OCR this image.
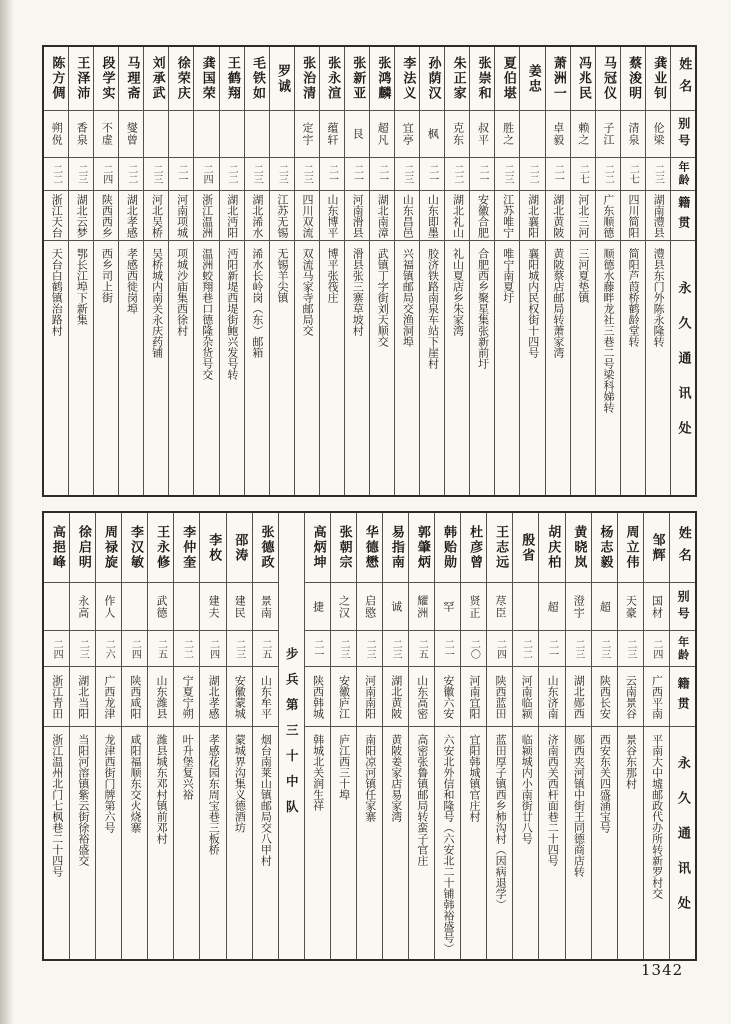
陈方倜
朔侻
二二
浙江天台
天台白鹤镇治路村
王泽沛
香泉
二三
湖北云梦
鄂长江埠下新集
段学实
不虚
二四
陕西西乡
西乡司上街
马理斋
燮曾
二二
湖北孝感
孝感西徙岗埠
刘承武
二三
河北吴桥
吴桥城内南关永庆药铺
徐荣庆
二一
河南项城
项城沙庙集西徐村
龚国荣
二四
浙江温洲
温洲蛟翔巷口德隆杂货号交
王鹤翔
二二
湖北沔阳
沔阳新堤西堤街鲍兴发号转
毛铁如
二三
湖北浠水
浠水长岭岗（东）邮箱
罗诚
二三
江苏无锡
无锡羊尖镇
张治清
定宇
二三
四川双流
双流马家寺邮局交
张永渲
蕴轩
二一
山东博平
博平张筏庄
张新亚
艮
二一
河南滑县
滑县张三寨草坡村
张鸿麟
超凡
二一
湖北南漳
武镇丁字街刘天顺交
李法义
宜亭
二三
山东昌邑
兴福镇邮局交渔洞埠
孙荫汉
枫
二一
山东即墨
胶济铁路南泉车站下崖村
朱正家
克东
二二
湖北礼山
礼山夏店乡朱家湾
张崇和
叔平
二一
安徽合肥
合肥西乡聚星集张新前圩
夏伯堪
胜之
二三
江苏唯宁
唯宁南夏圩
姜忠
二二
湖北襄阳
襄阳城内民权街十四号
萧洲一
卓毅
二一
湖北黄陂
黄陂蔡店邮局转萧家湾
冯兆民
赖之
二七
河北三河
三河夏垫镇
马冠仪
子江
二二
广东顺德
顺德水藤畔龙社三巷二号梁科娣转
蔡浚明
清泉
二七
四川简阳
简阳芦葭桥鹤龄堂转
龚业钊
伦梁
二三
湖南澧县
澧县东门外陈永隆转
姓名
别号
年龄
籍贯
永久通讯处
高挹峰
二四
浙江青田
浙江温州北门七枫巷二十四号
徐启明
永高
二三
湖北当阳
当阳河溶镇紫云街徐裕盛交
周禄旋
作人
二六
广西龙津
龙津西街门牌第六号
李汉敏
二四
陕西咸阳
咸阳福顺东交火烧寨
王永修
武德
二五
山东潍县
潍县城东邓村镇前邓村
李仲奎
二二
宁夏宁朔
叶升堡复兴裕
李枚
建夫
二四
湖北孝感
孝感花园东周宝巷三板桥
邵涛
建民
二三
安徽蒙城
蒙城界沟集义德酒坊
张德政
景南
二五
山东牟平
烟台南莱山镇邮局交八甲村 步兵第三十中队
高炳坤
捷
二一
陕西韩城
韩城北关润生祥
张朝宗
之汉
二三
安徽庐江
庐江西三十埠
华德懋
启愍
二三
河南南阳
南阳凉河镇任家寨
易指南
诚
二三
湖北黄陂
黄陂姜家店易家湾
郭肇炳
耀洲
二五
山东高密
高密张鲁镇邮局转蛮子官庄
韩贻勋
罕
二一
安徽六安
六安北外信和隆号（六安北二十铺韩裕盛号）
杜彦曾
贤正
二〇
河南宜阳
宜阳韩城镇官庄村
王志远
荩臣
二四
陕西蓝田
蓝田厚子镇西乡柿沟村（因病退学）
殷省
二二
河南临颍
临颍城内小南街廿八号
胡庆柏
超
二一
山东济南
济南西关西杆面巷二十四号
黄晓岚
澄宇
二三
湖北郧西
郧西夹河镇中街王同德商店转
杨志毅
超
二三
陕西长安
西安东关四盛涌宝号
周立伟
天豪
二三
云南景谷
景谷东那村
邹辉
国材
二四
广西平南
平南大中墟邮政代办所转新罗村交
姓名
别号
年龄
籍贯
永久通讯处
1342
